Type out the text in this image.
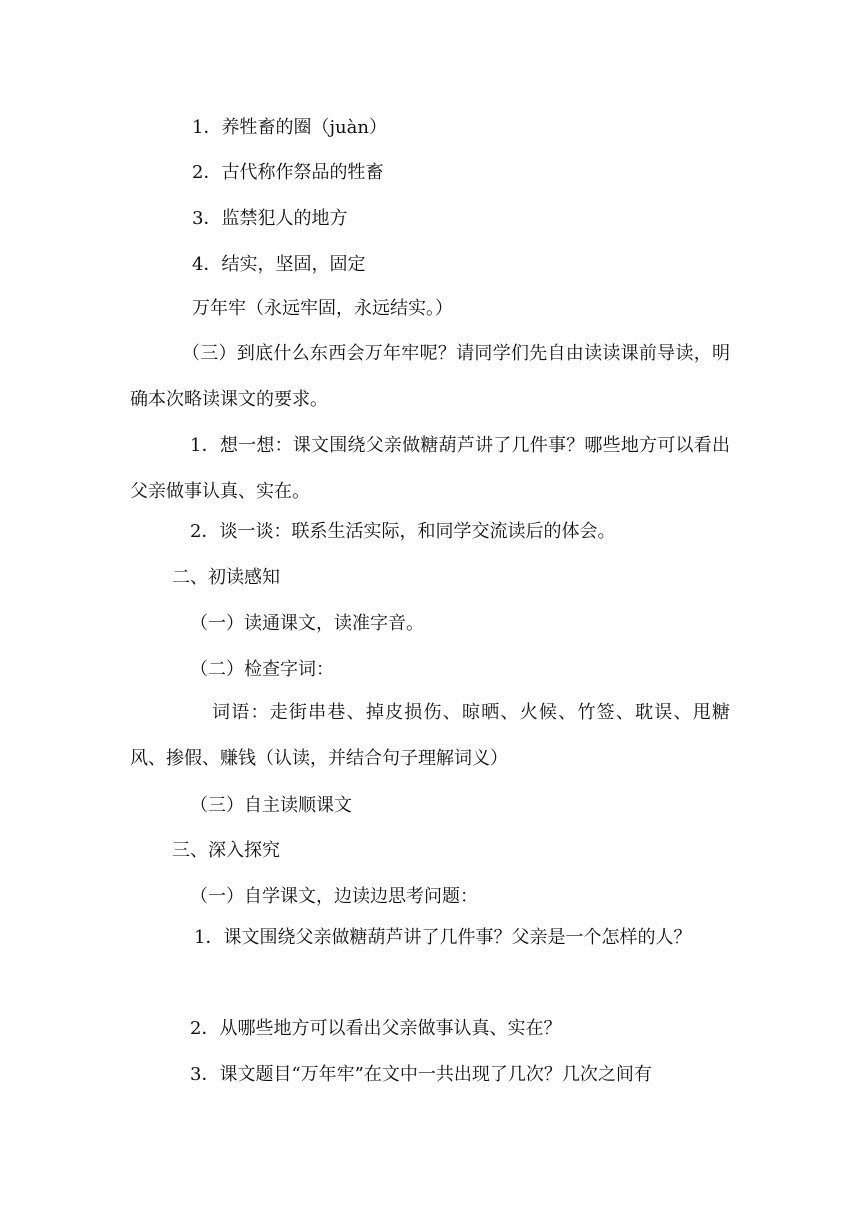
1．养牲畜的圈（juàn）
2．古代称作祭品的牲畜
3．监禁犯人的地方
4．结实，坚固，固定
万年牢（永远牢固，永远结实。）
（三）到底什么东西会万年牢呢？请同学们先自由读读课前导读，明确本次略读课文的要求。
1．想一想：课文围绕父亲做糖葫芦讲了几件事？哪些地方可以看出父亲做事认真、实在。
2．谈一谈：联系生活实际，和同学交流读后的体会。
二、初读感知
（一）读通课文，读准字音。
（二）检查字词：
词语：走街串巷、掉皮损伤、晾晒、火候、竹签、耽误、甩糖风、掺假、赚钱（认读，并结合句子理解词义）
（三）自主读顺课文
三、深入探究
（一）自学课文，边读边思考问题：
1．课文围绕父亲做糖葫芦讲了几件事？父亲是一个怎样的人？
2．从哪些地方可以看出父亲做事认真、实在？
3．课文题目“万年牢”在文中一共出现了几次？几次之间有
